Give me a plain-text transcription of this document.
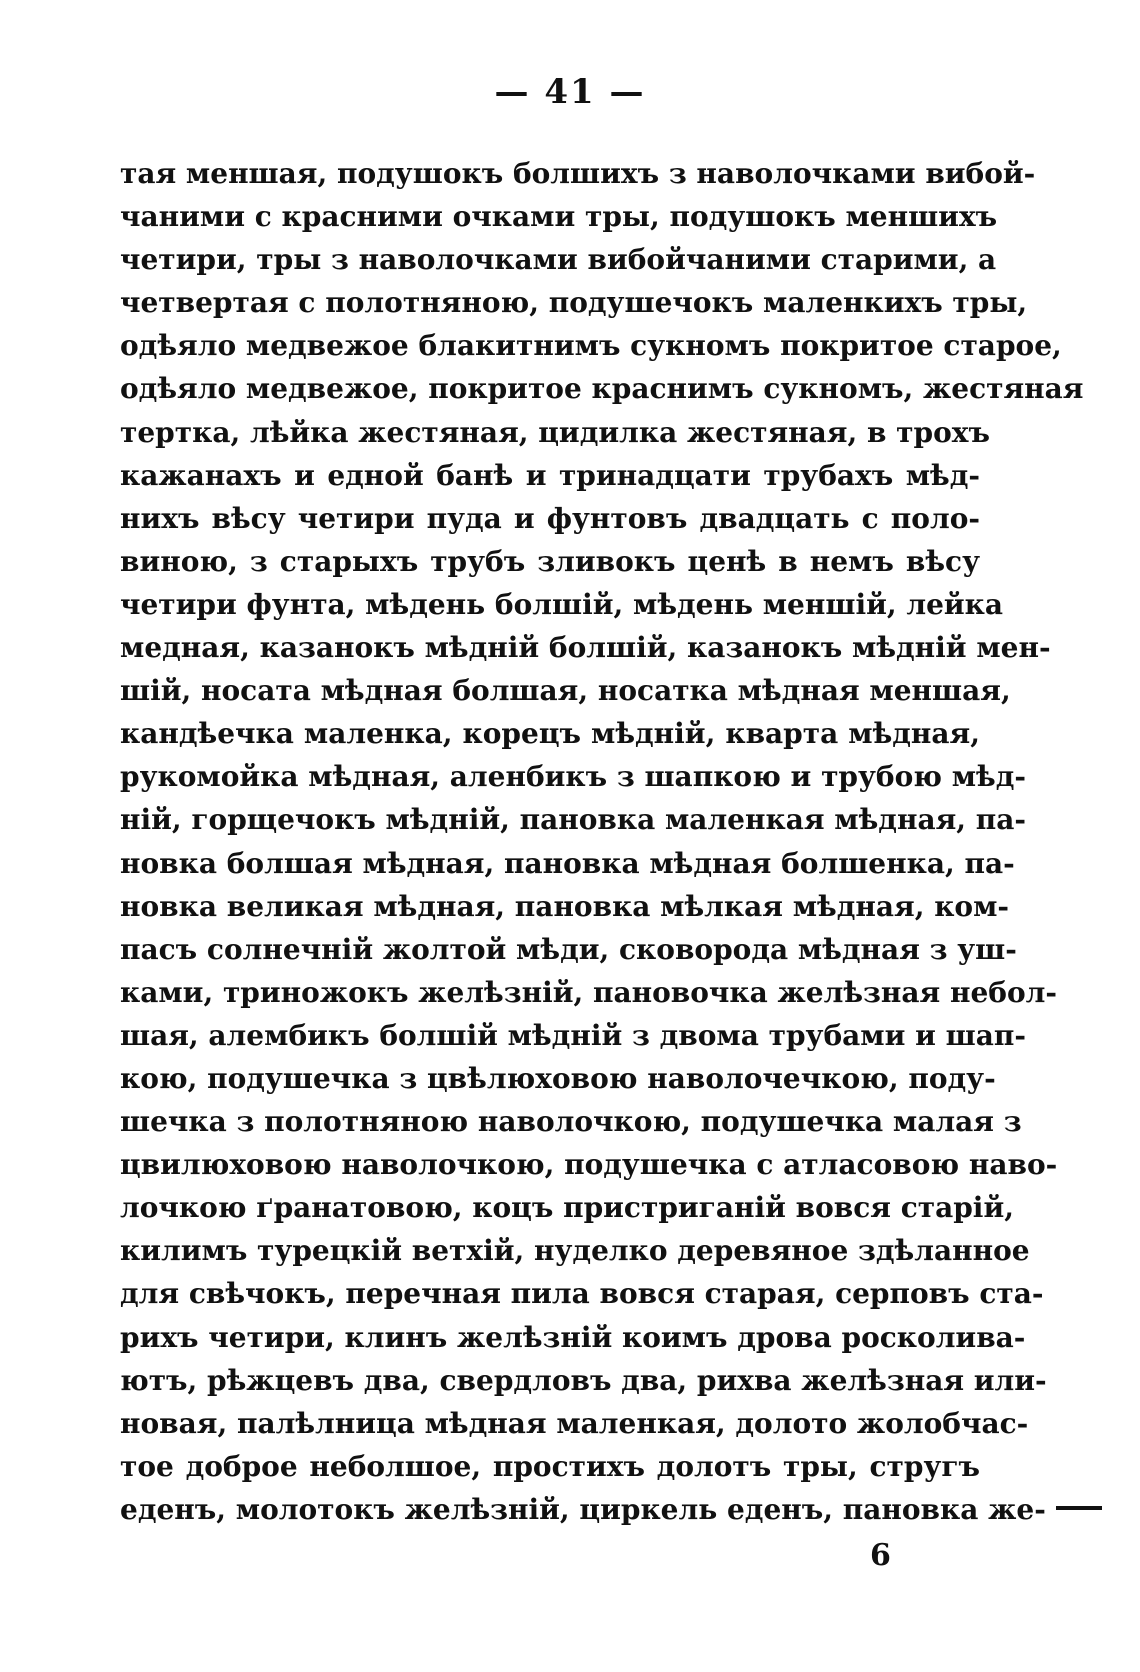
— 41 —
тая меншая, подушокъ болшихъ з наволочками вибой-
чаними с красними очками тры, подушокъ меншихъ
четири, тры з наволочками вибойчаними старими, а
четвертая с полотняною, подушечокъ маленкихъ тры,
одѣяло медвежое блакитнимъ сукномъ покритое старое,
одѣяло медвежое, покритое краснимъ сукномъ, жестяная
тертка, лѣйка жестяная, цидилка жестяная, в трохъ
кажанахъ и едной банѣ и тринадцати трубахъ мѣд-
нихъ вѣсу четири пуда и фунтовъ двадцать с поло-
виною, з старыхъ трубъ зливокъ ценѣ в немъ вѣсу
четири фунта, мѣдень болшій, мѣдень меншій, лейка
медная, казанокъ мѣдній болшій, казанокъ мѣдній мен-
шій, носата мѣдная болшая, носатка мѣдная меншая,
кандѣечка маленка, корецъ мѣдній, кварта мѣдная,
рукомойка мѣдная, аленбикъ з шапкою и трубою мѣд-
ній, горщечокъ мѣдній, пановка маленкая мѣдная, па-
новка болшая мѣдная, пановка мѣдная болшенка, па-
новка великая мѣдная, пановка мѣлкая мѣдная, ком-
пасъ солнечній жолтой мѣди, сковорода мѣдная з уш-
ками, триножокъ желѣзній, пановочка желѣзная небол-
шая, алембикъ болшій мѣдній з двома трубами и шап-
кою, подушечка з цвѣлюховою наволочечкою, поду-
шечка з полотняною наволочкою, подушечка малая з
цвилюховою наволочкою, подушечка с атласовою наво-
лочкою ґранатовою, коцъ пристриганій вовся старій,
килимъ турецкій ветхій, нуделко деревяное здѣланное
для свѣчокъ, перечная пила вовся старая, серповъ ста-
рихъ четири, клинъ желѣзній коимъ дрова росколива-
ютъ, рѣжцевъ два, свердловъ два, рихва желѣзная или-
новая, палѣлница мѣдная маленкая, долото жолобчас-
тое доброе неболшое, простихъ долотъ тры, стругъ
еденъ, молотокъ желѣзній, циркель еденъ, пановка же-
6
